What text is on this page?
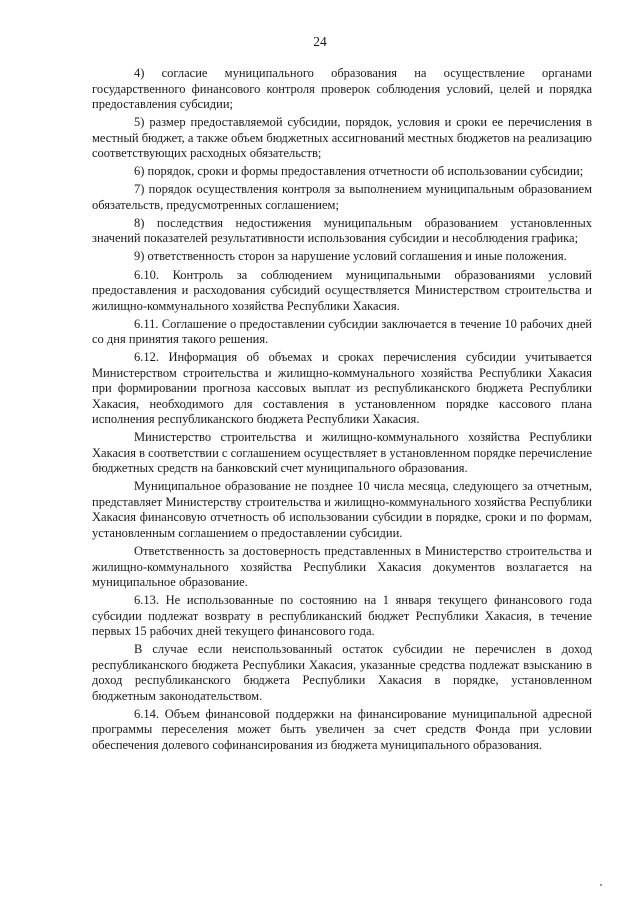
24

4) согласие муниципального образования на осуществление органами государственного финансового контроля проверок соблюдения условий, целей и порядка предоставления субсидии;

5) размер предоставляемой субсидии, порядок, условия и сроки ее перечисления в местный бюджет, а также объем бюджетных ассигнований местных бюджетов на реализацию соответствующих расходных обязательств;

6) порядок, сроки и формы предоставления отчетности об использовании субсидии;

7) порядок осуществления контроля за выполнением муниципальным образованием обязательств, предусмотренных соглашением;

8) последствия недостижения муниципальным образованием установленных значений показателей результативности использования субсидии и несоблюдения графика;

9) ответственность сторон за нарушение условий соглашения и иные положения.

6.10. Контроль за соблюдением муниципальными образованиями условий предоставления и расходования субсидий осуществляется Министерством строительства и жилищно-коммунального хозяйства Республики Хакасия.

6.11. Соглашение о предоставлении субсидии заключается в течение 10 рабочих дней со дня принятия такого решения.

6.12. Информация об объемах и сроках перечисления субсидии учитывается Министерством строительства и жилищно-коммунального хозяйства Республики Хакасия при формировании прогноза кассовых выплат из республиканского бюджета Республики Хакасия, необходимого для составления в установленном порядке кассового плана исполнения республиканского бюджета Республики Хакасия.

Министерство строительства и жилищно-коммунального хозяйства Республики Хакасия в соответствии с соглашением осуществляет в установленном порядке перечисление бюджетных средств на банковский счет муниципального образования.

Муниципальное образование не позднее 10 числа месяца, следующего за отчетным, представляет Министерству строительства и жилищно-коммунального хозяйства Республики Хакасия финансовую отчетность об использовании субсидии в порядке, сроки и по формам, установленным соглашением о предоставлении субсидии.

Ответственность за достоверность представленных в Министерство строительства и жилищно-коммунального хозяйства Республики Хакасия документов возлагается на муниципальное образование.

6.13. Не использованные по состоянию на 1 января текущего финансового года субсидии подлежат возврату в республиканский бюджет Республики Хакасия, в течение первых 15 рабочих дней текущего финансового года.

В случае если неиспользованный остаток субсидии не перечислен в доход республиканского бюджета Республики Хакасия, указанные средства подлежат взысканию в доход республиканского бюджета Республики Хакасия в порядке, установленном бюджетным законодательством.

6.14. Объем финансовой поддержки на финансирование муниципальной адресной программы переселения может быть увеличен за счет средств Фонда при условии обеспечения долевого софинансирования из бюджета муниципального образования.
